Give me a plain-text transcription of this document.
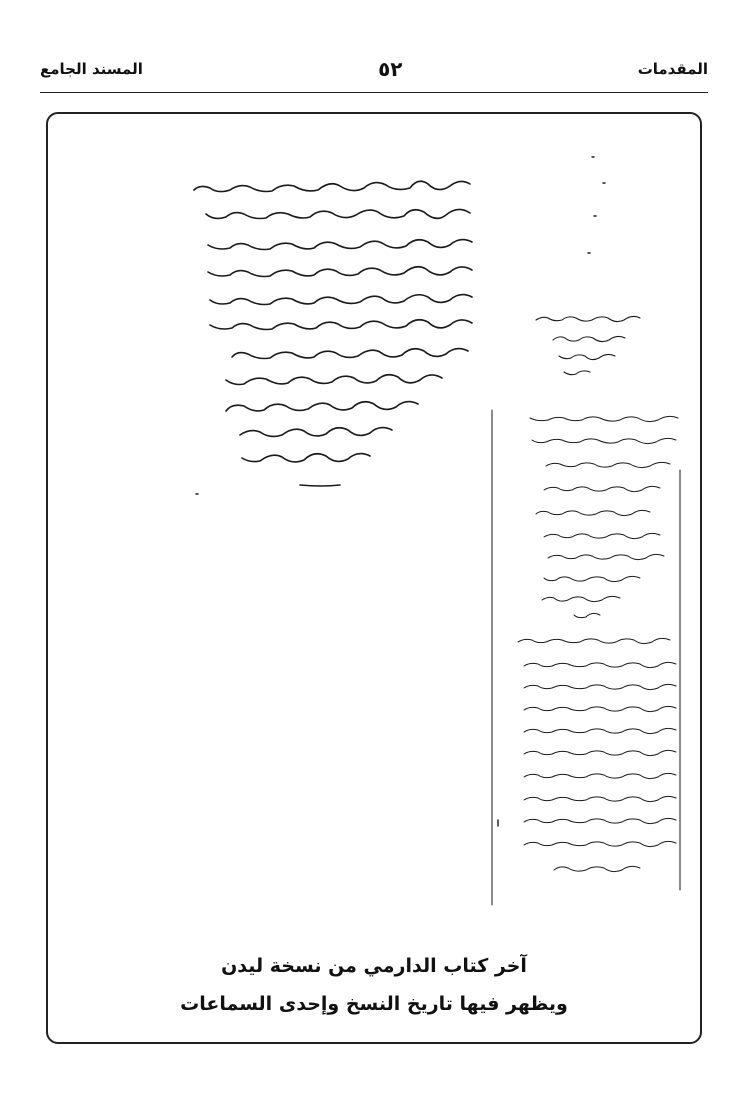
المسند الجامع	٥٢	المقدمات
آخر كتاب الدارمي من نسخة ليدن
ويظهر فيها تاريخ النسخ وإحدى السماعات
